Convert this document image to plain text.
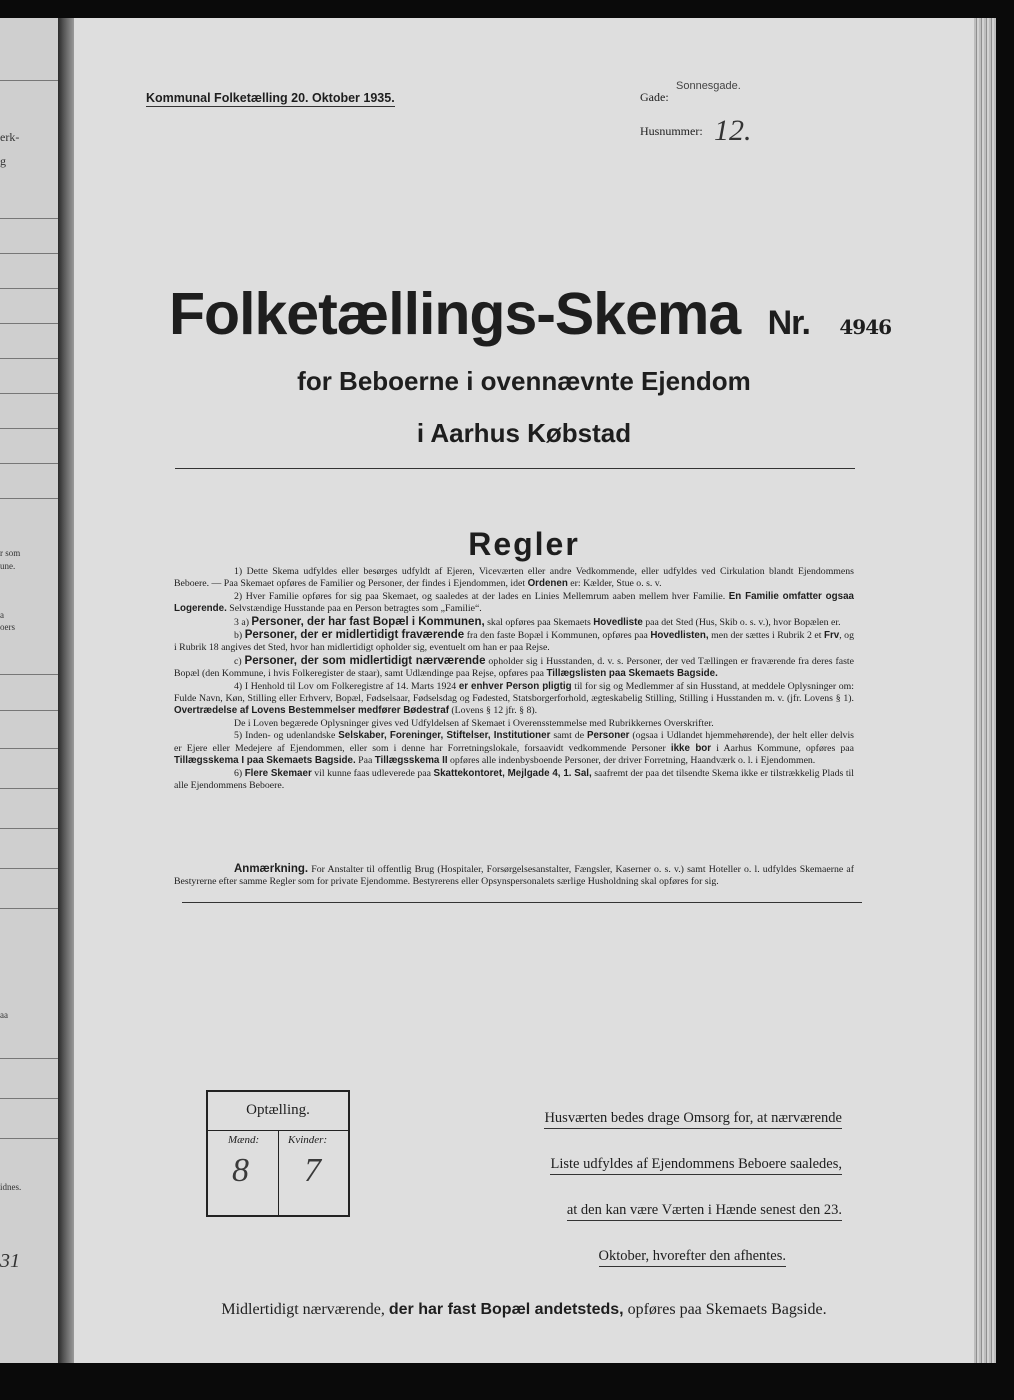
erk-
g
r som
une.
a
oers
aa
idnes.
31
Kommunal Folketælling 20. Oktober 1935.	Gade:
Sonnesgade.
Husnummer: 12.
Folketællings-Skema Nr. 4946
for Beboerne i ovennævnte Ejendom
i Aarhus Købstad
Regler

1) Dette Skema udfyldes eller besørges udfyldt af Ejeren, Viceværten eller andre Vedkommende, eller udfyldes ved Cirkulation blandt Ejendommens Beboere. — Paa Skemaet opføres de Familier og Personer, der findes i Ejendommen, idet Ordenen er: Kælder, Stue o. s. v.

2) Hver Familie opføres for sig paa Skemaet, og saaledes at der lades en Linies Mellemrum aaben mellem hver Familie. En Familie omfatter ogsaa Logerende. Selvstændige Husstande paa en Person betragtes som „Familie“.

3 a) Personer, der har fast Bopæl i Kommunen, skal opføres paa Skemaets Hovedliste paa det Sted (Hus, Skib o. s. v.), hvor Bopælen er.

b) Personer, der er midlertidigt fraværende fra den faste Bopæl i Kommunen, opføres paa Hovedlisten, men der sættes i Rubrik 2 et Frv, og i Rubrik 18 angives det Sted, hvor han midlertidigt opholder sig, eventuelt om han er paa Rejse.

c) Personer, der som midlertidigt nærværende opholder sig i Husstanden, d. v. s. Personer, der ved Tællingen er fraværende fra deres faste Bopæl (den Kommune, i hvis Folkeregister de staar), samt Udlændinge paa Rejse, opføres paa Tillægslisten paa Skemaets Bagside.

4) I Henhold til Lov om Folkeregistre af 14. Marts 1924 er enhver Person pligtig til for sig og Medlemmer af sin Husstand, at meddele Oplysninger om: Fulde Navn, Køn, Stilling eller Erhverv, Bopæl, Fødselsaar, Fødselsdag og Fødested, Statsborgerforhold, ægteskabelig Stilling, Stilling i Husstanden m. v. (jfr. Lovens § 1). Overtrædelse af Lovens Bestemmelser medfører Bødestraf (Lovens § 12 jfr. § 8).

De i Loven begærede Oplysninger gives ved Udfyldelsen af Skemaet i Overensstemmelse med Rubrikkernes Overskrifter.

5) Inden- og udenlandske Selskaber, Foreninger, Stiftelser, Institutioner samt de Personer (ogsaa i Udlandet hjemmehørende), der helt eller delvis er Ejere eller Medejere af Ejendommen, eller som i denne har Forretningslokale, forsaavidt vedkommende Personer ikke bor i Aarhus Kommune, opføres paa Tillægsskema I paa Skemaets Bagside. Paa Tillægsskema II opføres alle indenbysboende Personer, der driver Forretning, Haandværk o. l. i Ejendommen.

6) Flere Skemaer vil kunne faas udleverede paa Skattekontoret, Mejlgade 4, 1. Sal, saafremt der paa det tilsendte Skema ikke er tilstrækkelig Plads til alle Ejendommens Beboere.

Anmærkning. For Anstalter til offentlig Brug (Hospitaler, Forsørgelsesanstalter, Fængsler, Kaserner o. s. v.) samt Hoteller o. l. udfyldes Skemaerne af Bestyrerne efter samme Regler som for private Ejendomme. Bestyrerens eller Opsynspersonalets særlige Husholdning skal opføres for sig.

Optælling.
Mænd:
8
Kvinder:
7
Husværten bedes drage Omsorg for, at nærværende
Liste udfyldes af Ejendommens Beboere saaledes,
at den kan være Værten i Hænde senest den 23.
Oktober, hvorefter den afhentes.
Midlertidigt nærværende, der har fast Bopæl andetsteds, opføres paa Skemaets Bagside.
